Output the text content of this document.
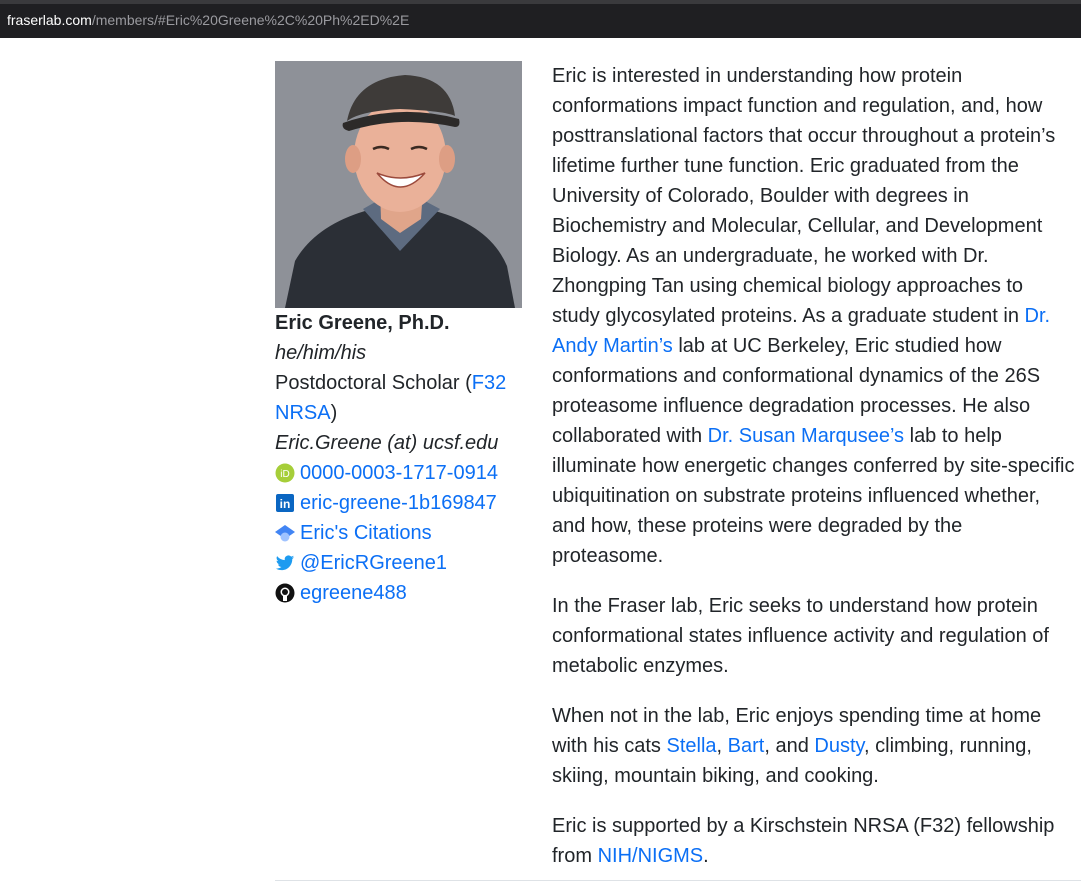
fraserlab.com/members/#Eric%20Greene%2C%20Ph%2ED%2E
Eric Greene, Ph.D.
he/him/his
Postdoctoral Scholar (F32 NRSA)
Eric.Greene (at) ucsf.edu
iD 0000-0003-1717-0914
in eric-greene-1b169847
Eric's Citations
@EricRGreene1
egreene488

Eric is interested in understanding how protein conformations impact function and regulation, and, how posttranslational factors that occur throughout a protein’s lifetime further tune function. Eric graduated from the University of Colorado, Boulder with degrees in Biochemistry and Molecular, Cellular, and Development Biology. As an undergraduate, he worked with Dr. Zhongping Tan using chemical biology approaches to study glycosylated proteins. As a graduate student in Dr. Andy Martin’s lab at UC Berkeley, Eric studied how conformations and conformational dynamics of the 26S proteasome influence degradation processes. He also collaborated with Dr. Susan Marqusee’s lab to help illuminate how energetic changes conferred by site-specific ubiquitination on substrate proteins influenced whether, and how, these proteins were degraded by the proteasome.

In the Fraser lab, Eric seeks to understand how protein conformational states influence activity and regulation of metabolic enzymes.

When not in the lab, Eric enjoys spending time at home with his cats Stella, Bart, and Dusty, climbing, running, skiing, mountain biking, and cooking.

Eric is supported by a Kirschstein NRSA (F32) fellowship from NIH/NIGMS.
